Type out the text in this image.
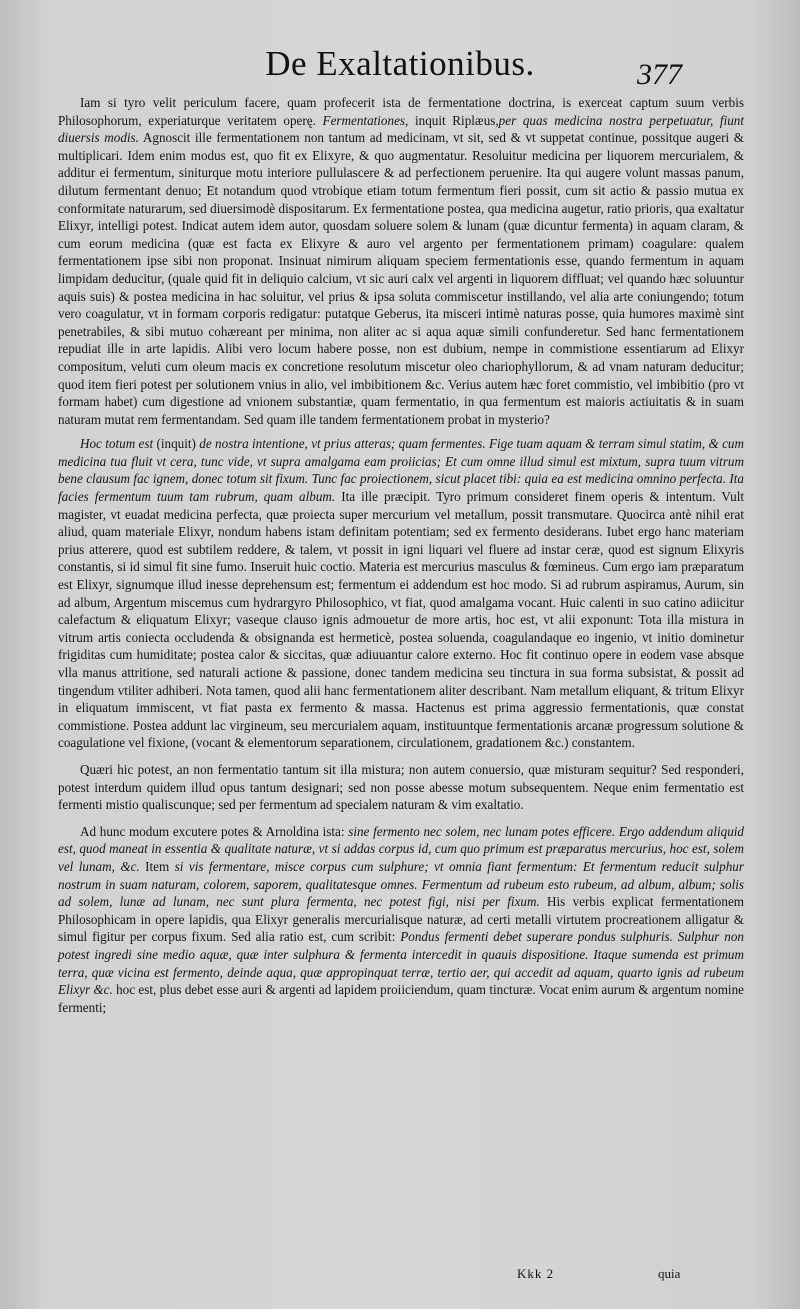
De Exaltationibus.	377

Iam si tyro velit periculum facere, quam profecerit ista de fermentatione doctrina, is exerceat captum suum verbis Philosophorum, experiaturque veritatem operę. Fermentationes, inquit Riplæus,per quas medicina nostra perpetuatur, fiunt diuersis modis. Agnoscit ille fermentationem non tantum ad medicinam, vt sit, sed & vt suppetat continue, possitque augeri & multiplicari. Idem enim modus est, quo fit ex Elixyre, & quo augmentatur. Resoluitur medicina per liquorem mercurialem, & additur ei fermentum, siniturque motu interiore pullulascere & ad perfectionem peruenire. Ita qui augere volunt massas panum, dilutum fermentant denuo; Et notandum quod vtrobique etiam totum fermentum fieri possit, cum sit actio & passio mutua ex conformitate naturarum, sed diuersimodè dispositarum. Ex fermentatione postea, qua medicina augetur, ratio prioris, qua exaltatur Elixyr, intelligi potest. Indicat autem idem autor, quosdam soluere solem & lunam (quæ dicuntur fermenta) in aquam claram, & cum eorum medicina (quæ est facta ex Elixyre & auro vel argento per fermentationem primam) coagulare: qualem fermentationem ipse sibi non proponat. Insinuat nimirum aliquam speciem fermentationis esse, quando fermentum in aquam limpidam deducitur, (quale quid fit in deliquio calcium, vt sic auri calx vel argenti in liquorem diffluat; vel quando hæc soluuntur aquis suis) & postea medicina in hac soluitur, vel prius & ipsa soluta commiscetur instillando, vel alia arte coniungendo; totum vero coagulatur, vt in formam corporis redigatur: putatque Geberus, ita misceri intimè naturas posse, quia humores maximè sint penetrabiles, & sibi mutuo cohæreant per minima, non aliter ac si aqua aquæ simili confunderetur. Sed hanc fermentationem repudiat ille in arte lapidis. Alibi vero locum habere posse, non est dubium, nempe in commistione essentiarum ad Elixyr compositum, veluti cum oleum macis ex concretione resolutum miscetur oleo chariophyllorum, & ad vnam naturam deducitur; quod item fieri potest per solutionem vnius in alio, vel imbibitionem &c. Verius autem hæc foret commistio, vel imbibitio (pro vt formam habet) cum digestione ad vnionem substantiæ, quam fermentatio, in qua fermentum est maioris actiuitatis & in suam naturam mutat rem fermentandam. Sed quam ille tandem fermentationem probat in mysterio?

Hoc totum est (inquit) de nostra intentione, vt prius atteras; quam fermentes. Fige tuam aquam & terram simul statim, & cum medicina tua fluit vt cera, tunc vide, vt supra amalgama eam proiicias; Et cum omne illud simul est mixtum, supra tuum vitrum bene clausum fac ignem, donec totum sit fixum. Tunc fac proiectionem, sicut placet tibi: quia ea est medicina omnino perfecta. Ita facies fermentum tuum tam rubrum, quam album. Ita ille præcipit. Tyro primum consideret finem operis & intentum. Vult magister, vt euadat medicina perfecta, quæ proiecta super mercurium vel metallum, possit transmutare. Quocirca antè nihil erat aliud, quam materiale Elixyr, nondum habens istam definitam potentiam; sed ex fermento desiderans. Iubet ergo hanc materiam prius atterere, quod est subtilem reddere, & talem, vt possit in igni liquari vel fluere ad instar ceræ, quod est signum Elixyris constantis, si id simul fit sine fumo. Inseruit huic coctio. Materia est mercurius masculus & fœmineus. Cum ergo iam præparatum est Elixyr, signumque illud inesse deprehensum est; fermentum ei addendum est hoc modo. Si ad rubrum aspiramus, Aurum, sin ad album, Argentum miscemus cum hydrargyro Philosophico, vt fiat, quod amalgama vocant. Huic calenti in suo catino adiicitur calefactum & eliquatum Elixyr; vaseque clauso ignis admouetur de more artis, hoc est, vt alii exponunt: Tota illa mistura in vitrum artis coniecta occludenda & obsignanda est hermeticè, postea soluenda, coagulandaque eo ingenio, vt initio dominetur frigiditas cum humiditate; postea calor & siccitas, quæ adiuuantur calore externo. Hoc fit continuo opere in eodem vase absque vlla manus attritione, sed naturali actione & passione, donec tandem medicina seu tinctura in sua forma subsistat, & possit ad tingendum vtiliter adhiberi. Nota tamen, quod alii hanc fermentationem aliter describant. Nam metallum eliquant, & tritum Elixyr in eliquatum immiscent, vt fiat pasta ex fermento & massa. Hactenus est prima aggressio fermentationis, quæ constat commistione. Postea addunt lac virgineum, seu mercurialem aquam, instituuntque fermentationis arcanæ progressum solutione & coagulatione vel fixione, (vocant & elementorum separationem, circulationem, gradationem &c.) constantem.

Quæri hic potest, an non fermentatio tantum sit illa mistura; non autem conuersio, quæ misturam sequitur? Sed responderi, potest interdum quidem illud opus tantum designari; sed non posse abesse motum subsequentem. Neque enim fermentatio est fermenti mistio qualiscunque; sed per fermentum ad specialem naturam & vim exaltatio.

Ad hunc modum excutere potes & Arnoldina ista: sine fermento nec solem, nec lunam potes efficere. Ergo addendum aliquid est, quod maneat in essentia & qualitate naturæ, vt si addas corpus id, cum quo primum est præparatus mercurius, hoc est, solem vel lunam, &c. Item si vis fermentare, misce corpus cum sulphure; vt omnia fiant fermentum: Et fermentum reducit sulphur nostrum in suam naturam, colorem, saporem, qualitatesque omnes. Fermentum ad rubeum esto rubeum, ad album, album; solis ad solem, lunæ ad lunam, nec sunt plura fermenta, nec potest figi, nisi per fixum. His verbis explicat fermentationem Philosophicam in opere lapidis, qua Elixyr generalis mercurialisque naturæ, ad certi metalli virtutem procreationem alligatur & simul figitur per corpus fixum. Sed alia ratio est, cum scribit: Pondus fermenti debet superare pondus sulphuris. Sulphur non potest ingredi sine medio aquæ, quæ inter sulphura & fermenta intercedit in quauis dispositione. Itaque sumenda est primum terra, quæ vicina est fermento, deinde aqua, quæ appropinquat terræ, tertio aer, qui accedit ad aquam, quarto ignis ad rubeum Elixyr &c. hoc est, plus debet esse auri & argenti ad lapidem proiiciendum, quam tincturæ. Vocat enim aurum & argentum nomine fermenti;

Kkk 2	quia
